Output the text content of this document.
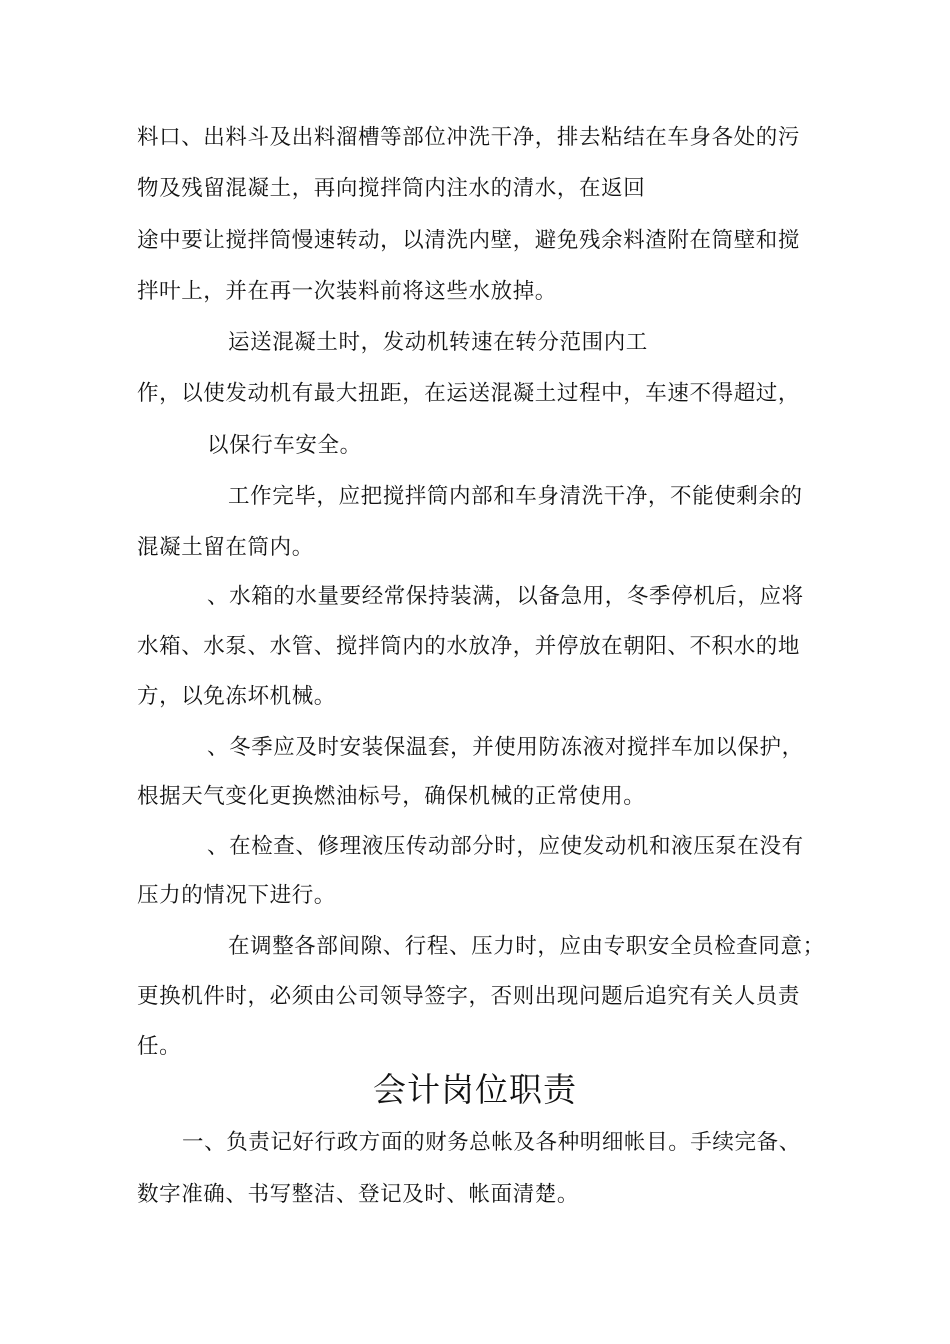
料口、出料斗及出料溜槽等部位冲洗干净，排去粘结在车身各处的污
物及残留混凝土，再向搅拌筒内注水的清水，在返回
途中要让搅拌筒慢速转动，以清洗内壁，避免残余料渣附在筒壁和搅
拌叶上，并在再一次装料前将这些水放掉。
运送混凝土时，发动机转速在转分范围内工
作，以使发动机有最大扭距，在运送混凝土过程中，车速不得超过，
以保行车安全。
工作完毕，应把搅拌筒内部和车身清洗干净，不能使剩余的
混凝土留在筒内。
、水箱的水量要经常保持装满，以备急用，冬季停机后，应将
水箱、水泵、水管、搅拌筒内的水放净，并停放在朝阳、不积水的地
方，以免冻坏机械。
、冬季应及时安装保温套，并使用防冻液对搅拌车加以保护，
根据天气变化更换燃油标号，确保机械的正常使用。
、在检查、修理液压传动部分时，应使发动机和液压泵在没有
压力的情况下进行。
在调整各部间隙、行程、压力时，应由专职安全员检查同意；
更换机件时，必须由公司领导签字，否则出现问题后追究有关人员责
任。
会计岗位职责
一、负责记好行政方面的财务总帐及各种明细帐目。手续完备、
数字准确、书写整洁、登记及时、帐面清楚。
